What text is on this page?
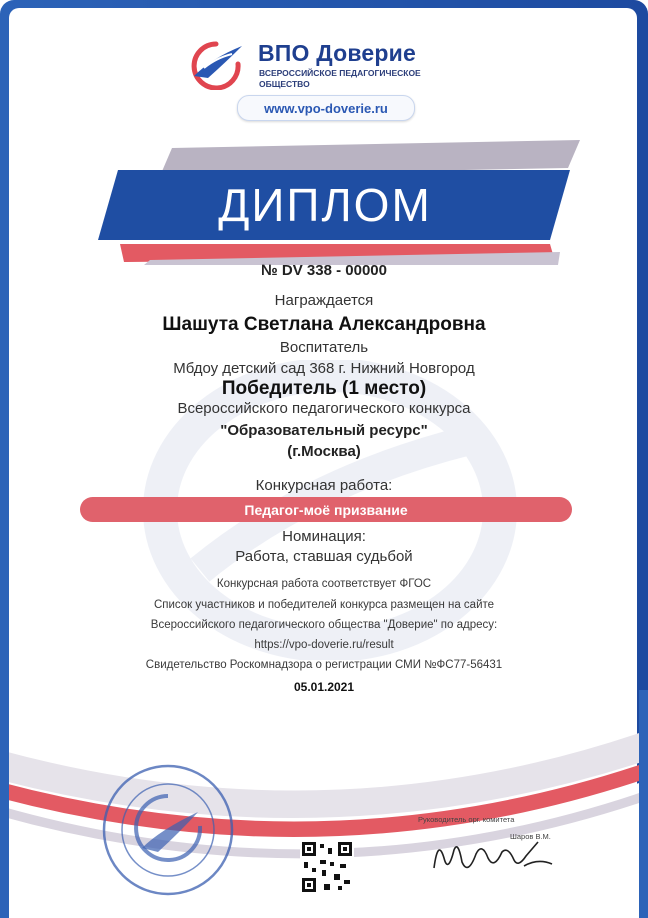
ВПО Доверие
ВСЕРОССИЙСКОЕ ПЕДАГОГИЧЕСКОЕ ОБЩЕСТВО
www.vpo-doverie.ru
ДИПЛОМ
№ DV 338 - 00000
Награждается
Шашута Светлана Александровна
Воспитатель
Мбдоу детский сад 368 г. Нижний Новгород
Победитель (1 место)
Всероссийского педагогического конкурса
"Образовательный ресурс"
(г.Москва)
Конкурсная работа:
Педагог-моё призвание
Номинация:
Работа, ставшая судьбой
Конкурсная работа соответствует ФГОС
Список участников и победителей конкурса размещен на сайте
Всероссийского педагогического общества "Доверие" по адресу:
https://vpo-doverie.ru/result
Свидетельство Роскомнадзора о регистрации СМИ №ФС77-56431
05.01.2021
Руководитель орг. комитета
Шаров В.М.
